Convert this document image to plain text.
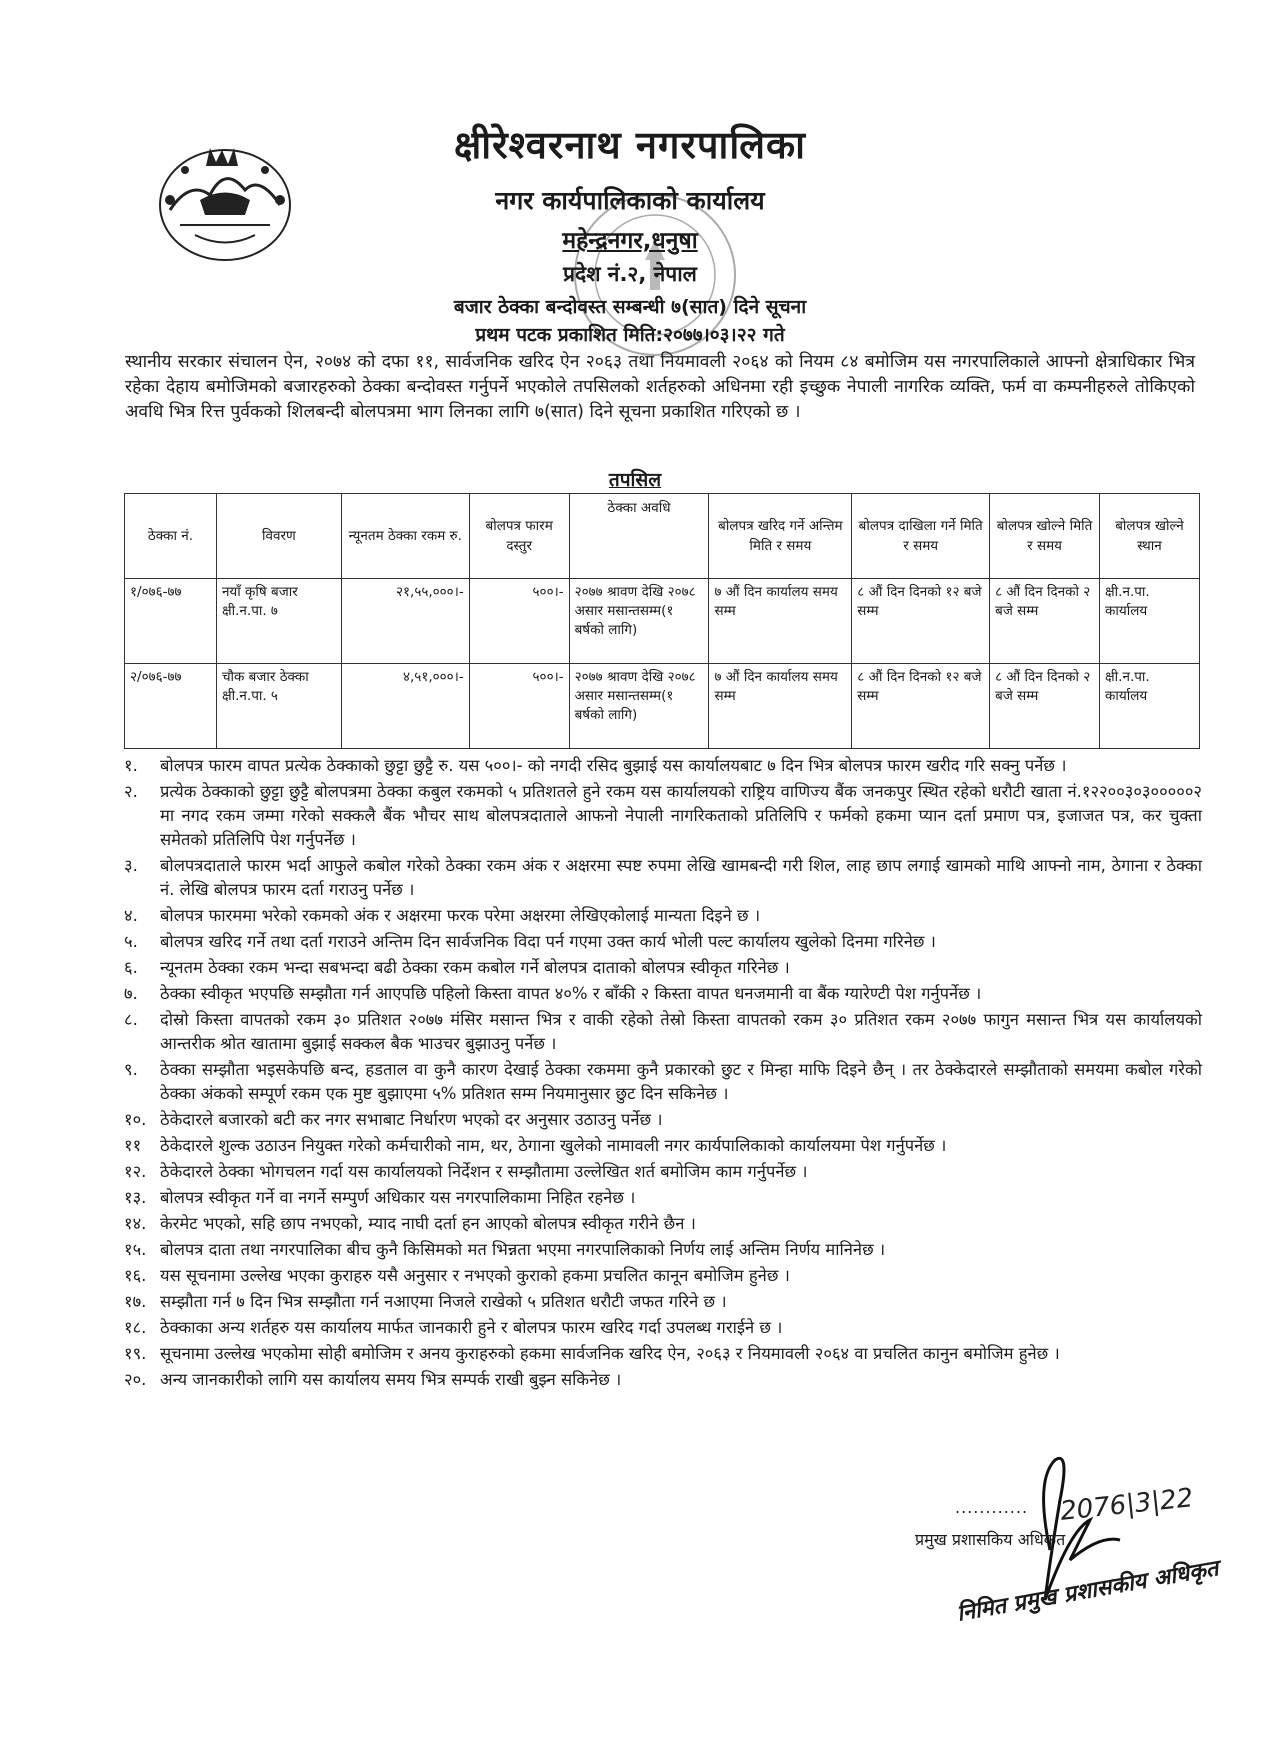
क्षीरेश्वरनाथ नगरपालिका
नगर कार्यपालिकाको कार्यालय
महेन्द्रनगर,धनुषा
प्रदेश नं.२, नेपाल
बजार ठेक्का बन्दोवस्त सम्बन्धी ७(सात) दिने सूचना
प्रथम पटक प्रकाशित मिति:२०७७।०३।२२ गते
स्थानीय सरकार संचालन ऐन, २०७४ को दफा ११, सार्वजनिक खरिद ऐन २०६३ तथा नियमावली २०६४ को नियम ८४ बमोजिम यस नगरपालिकाले आफ्नो क्षेत्राधिकार भित्र रहेका देहाय बमोजिमको बजारहरुको ठेक्का बन्दोवस्त गर्नुपर्ने भएकोले तपसिलको शर्तहरुको अधिनमा रही इच्छुक नेपाली नागरिक व्यक्ति, फर्म वा कम्पनीहरुले तोकिएको अवधि भित्र रित्त पुर्वकको शिलबन्दी बोलपत्रमा भाग लिनका लागि ७(सात) दिने सूचना प्रकाशित गरिएको छ ।
तपसिल
ठेक्का नं.	विवरण	न्यूनतम ठेक्का रकम रु.	बोलपत्र फारम दस्तुर	ठेक्का अवधि	बोलपत्र खरिद गर्ने अन्तिम मिति र समय	बोलपत्र दाखिला गर्ने मिति र समय	बोलपत्र खोल्ने मिति र समय	बोलपत्र खोल्ने स्थान
१/०७६-७७	नयाँ कृषि बजार क्षी.न.पा. ७	२१,५५,०००।-	५००।-	२०७७ श्रावण देखि २०७८ असार मसान्तसम्म(१ बर्षको लागि)	७ औं दिन कार्यालय समय सम्म	८ औं दिन दिनको १२ बजे सम्म	८ औं दिन दिनको २ बजे सम्म	क्षी.न.पा. कार्यालय
२/०७६-७७	चौक बजार ठेक्का क्षी.न.पा. ५	४,५१,०००।-	५००।-	२०७७ श्रावण देखि २०७८ असार मसान्तसम्म(१ बर्षको लागि)	७ औं दिन कार्यालय समय सम्म	८ औं दिन दिनको १२ बजे सम्म	८ औं दिन दिनको २ बजे सम्म	क्षी.न.पा. कार्यालय
१.	बोलपत्र फारम वापत प्रत्येक ठेक्काको छुट्टा छुट्टै रु. यस ५००।- को नगदी रसिद बुझाई यस कार्यालयबाट ७ दिन भित्र बोलपत्र फारम खरीद गरि सक्नु पर्नेछ ।
२.	प्रत्येक ठेक्काको छुट्टा छुट्टै बोलपत्रमा ठेक्का कबुल रकमको ५ प्रतिशतले हुने रकम यस कार्यालयको राष्ट्रिय वाणिज्य बैंक जनकपुर स्थित रहेको धरौटी खाता नं.१२२००३०३०००००२ मा नगद रकम जम्मा गरेको सक्कलै बैंक भौचर साथ बोलपत्रदाताले आफनो नेपाली नागरिकताको प्रतिलिपि र फर्मको हकमा प्यान दर्ता प्रमाण पत्र, इजाजत पत्र, कर चुक्ता समेतको प्रतिलिपि पेश गर्नुपर्नेछ ।
३.	बोलपत्रदाताले फारम भर्दा आफुले कबोल गरेको ठेक्का रकम अंक र अक्षरमा स्पष्ट रुपमा लेखि खामबन्दी गरी शिल, लाह छाप लगाई खामको माथि आफ्नो नाम, ठेगाना र ठेक्का नं. लेखि बोलपत्र फारम दर्ता गराउनु पर्नेछ ।
४.	बोलपत्र फारममा भरेको रकमको अंक र अक्षरमा फरक परेमा अक्षरमा लेखिएकोलाई मान्यता दिइने छ ।
५.	बोलपत्र खरिद गर्ने तथा दर्ता गराउने अन्तिम दिन सार्वजनिक विदा पर्न गएमा उक्त कार्य भोली पल्ट कार्यालय खुलेको दिनमा गरिनेछ ।
६.	न्यूनतम ठेक्का रकम भन्दा सबभन्दा बढी ठेक्का रकम कबोल गर्ने बोलपत्र दाताको बोलपत्र स्वीकृत गरिनेछ ।
७.	ठेक्का स्वीकृत भएपछि सम्झौता गर्न आएपछि पहिलो किस्ता वापत ४०% र बाँकी २ किस्ता वापत धनजमानी वा बैंक ग्यारेण्टी पेश गर्नुपर्नेछ ।
८.	दोस्रो किस्ता वापतको रकम ३० प्रतिशत २०७७ मंसिर मसान्त भित्र र वाकी रहेको तेस्रो किस्ता वापतको रकम ३० प्रतिशत रकम २०७७ फागुन मसान्त भित्र यस कार्यालयको आन्तरीक श्रोत खातामा बुझाई सक्कल बैक भाउचर बुझाउनु पर्नेछ ।
९.	ठेक्का सम्झौता भइसकेपछि बन्द, हडताल वा कुनै कारण देखाई ठेक्का रकममा कुनै प्रकारको छुट र मिन्हा माफि दिइने छैन् । तर ठेक्केदारले सम्झौताको समयमा कबोल गरेको ठेक्का अंकको सम्पूर्ण रकम एक मुष्ट बुझाएमा ५% प्रतिशत सम्म नियमानुसार छुट दिन सकिनेछ ।
१०. ठेकेदारले बजारको बटी कर नगर सभाबाट निर्धारण भएको दर अनुसार उठाउनु पर्नेछ ।
११	ठेकेदारले शुल्क उठाउन नियुक्त गरेको कर्मचारीको नाम, थर, ठेगाना खुलेको नामावली नगर कार्यपालिकाको कार्यालयमा पेश गर्नुपर्नेछ ।
१२. ठेकेदारले ठेक्का भोगचलन गर्दा यस कार्यालयको निर्देशन र सम्झौतामा उल्लेखित शर्त बमोजिम काम गर्नुपर्नेछ ।
१३. बोलपत्र स्वीकृत गर्ने वा नगर्ने सम्पुर्ण अधिकार यस नगरपालिकामा निहित रहनेछ ।
१४. केरमेट भएको, सहि छाप नभएको, म्याद नाघी दर्ता हन आएको बोलपत्र स्वीकृत गरीने छैन ।
१५. बोलपत्र दाता तथा नगरपालिका बीच कुनै किसिमको मत भिन्नता भएमा नगरपालिकाको निर्णय लाई अन्तिम निर्णय मानिनेछ ।
१६. यस सूचनामा उल्लेख भएका कुराहरु यसै अनुसार र नभएको कुराको हकमा प्रचलित कानून बमोजिम हुनेछ ।
१७. सम्झौता गर्न ७ दिन भित्र सम्झौता गर्न नआएमा निजले राखेको ५ प्रतिशत धरौटी जफत गरिने छ ।
१८. ठेक्काका अन्य शर्तहरु यस कार्यालय मार्फत जानकारी हुने र बोलपत्र फारम खरिद गर्दा उपलब्ध गराईने छ ।
१९. सूचनामा उल्लेख भएकोमा सोही बमोजिम र अनय कुराहरुको हकमा सार्वजनिक खरिद ऐन, २०६३ र नियमावली २०६४ वा प्रचलित कानुन बमोजिम हुनेछ ।
२०. अन्य जानकारीको लागि यस कार्यालय समय भित्र सम्पर्क राखी बुझ्न सकिनेछ ।
............ 2076|3|22
प्रमुख प्रशासकिय अधिकृत
निमित प्रमुख प्रशासकीय अधिकृत
